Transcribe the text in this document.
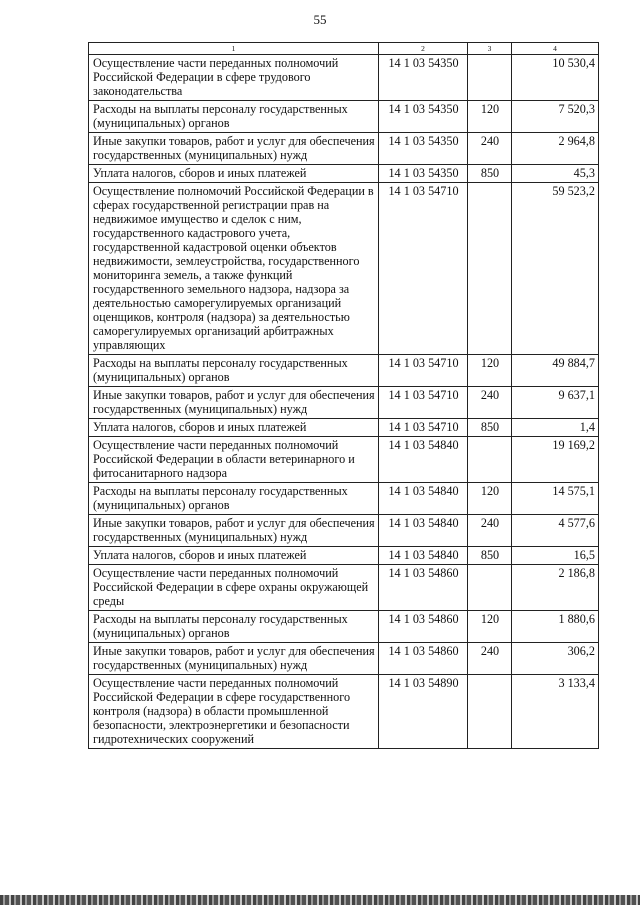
55
1	2	3	4
Осуществление части переданных полномочий Российской Федерации в сфере трудового законодательства	14 1 03 54350		10 530,4
Расходы на выплаты персоналу государственных (муниципальных) органов	14 1 03 54350	120	7 520,3
Иные закупки товаров, работ и услуг для обеспечения государственных (муниципальных) нужд	14 1 03 54350	240	2 964,8
Уплата налогов, сборов и иных платежей	14 1 03 54350	850	45,3
Осуществление полномочий Российской Федерации в сферах государственной регистрации прав на недвижимое имущество и сделок с ним, государственного кадастрового учета, государственной кадастровой оценки объектов недвижимости, землеустройства, государственного мониторинга земель, а также функций государственного земельного надзора, надзора за деятельностью саморегулируемых организаций оценщиков, контроля (надзора) за деятельностью саморегулируемых организаций арбитражных управляющих	14 1 03 54710		59 523,2
Расходы на выплаты персоналу государственных (муниципальных) органов	14 1 03 54710	120	49 884,7
Иные закупки товаров, работ и услуг для обеспечения государственных (муниципальных) нужд	14 1 03 54710	240	9 637,1
Уплата налогов, сборов и иных платежей	14 1 03 54710	850	1,4
Осуществление части переданных полномочий Российской Федерации в области ветеринарного и фитосанитарного надзора	14 1 03 54840		19 169,2
Расходы на выплаты персоналу государственных (муниципальных) органов	14 1 03 54840	120	14 575,1
Иные закупки товаров, работ и услуг для обеспечения государственных (муниципальных) нужд	14 1 03 54840	240	4 577,6
Уплата налогов, сборов и иных платежей	14 1 03 54840	850	16,5
Осуществление части переданных полномочий Российской Федерации в сфере охраны окружающей среды	14 1 03 54860		2 186,8
Расходы на выплаты персоналу государственных (муниципальных) органов	14 1 03 54860	120	1 880,6
Иные закупки товаров, работ и услуг для обеспечения государственных (муниципальных) нужд	14 1 03 54860	240	306,2
Осуществление части переданных полномочий Российской Федерации в сфере государственного контроля (надзора) в области промышленной безопасности, электроэнергетики и безопасности гидротехнических сооружений	14 1 03 54890		3 133,4
